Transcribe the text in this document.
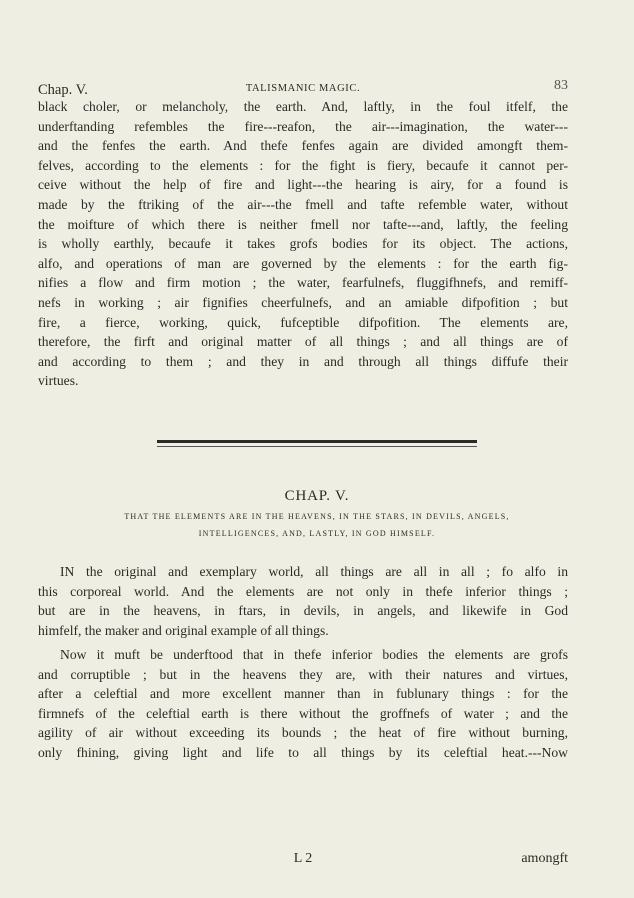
Chap. V.	TALISMANIC MAGIC.	83
black choler, or melancholy, the earth. And, laftly, in the foul itfelf, the
underftanding refembles the fire---reafon, the air---imagination, the water---
and the fenfes the earth. And thefe fenfes again are divided amongft them-
felves, according to the elements : for the fight is fiery, becaufe it cannot per-
ceive without the help of fire and light---the hearing is airy, for a found is
made by the ftriking of the air---the fmell and tafte refemble water, without
the moifture of which there is neither fmell nor tafte---and, laftly, the feeling
is wholly earthly, becaufe it takes grofs bodies for its object. The actions,
alfo, and operations of man are governed by the elements : for the earth fig-
nifies a flow and firm motion ; the water, fearfulnefs, fluggifhnefs, and remiff-
nefs in working ; air fignifies cheerfulnefs, and an amiable difpofition ; but
fire, a fierce, working, quick, fufceptible difpofition. The elements are,
therefore, the firft and original matter of all things ; and all things are of
and according to them ; and they in and through all things diffufe their
virtues.
CHAP. V.
THAT THE ELEMENTS ARE IN THE HEAVENS, IN THE STARS, IN DEVILS, ANGELS,
INTELLIGENCES, AND, LASTLY, IN GOD HIMSELF.
IN the original and exemplary world, all things are all in all ; fo alfo in
this corporeal world. And the elements are not only in thefe inferior things ;
but are in the heavens, in ftars, in devils, in angels, and likewife in God
himfelf, the maker and original example of all things.
Now it muft be underftood that in thefe inferior bodies the elements are grofs
and corruptible ; but in the heavens they are, with their natures and virtues,
after a celeftial and more excellent manner than in fublunary things : for the
firmnefs of the celeftial earth is there without the groffnefs of water ; and the
agility of air without exceeding its bounds ; the heat of fire without burning,
only fhining, giving light and life to all things by its celeftial heat.---Now
L 2	amongft
